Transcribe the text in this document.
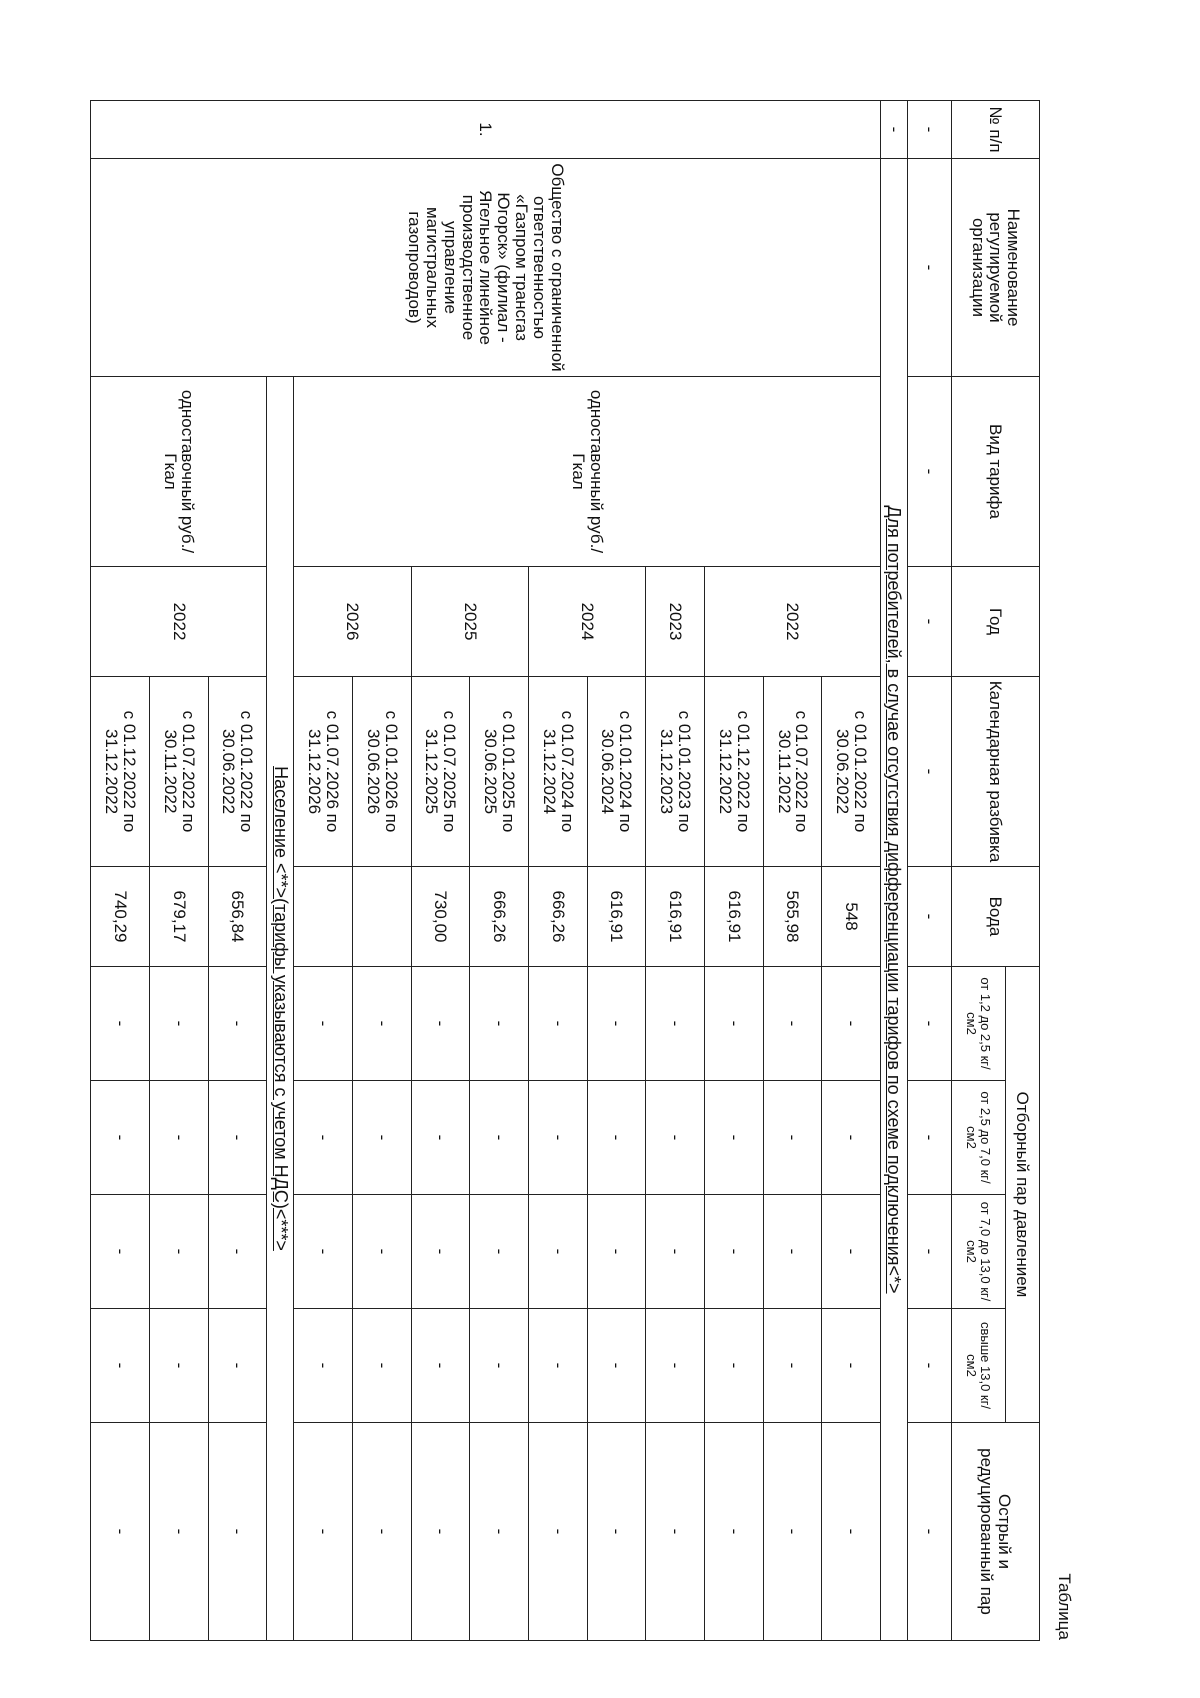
Таблица
№ п/п	Наименование регулируемой организации	Вид тарифа	Год	Календарная разбивка	Вода	Отборный пар давлением				Острый и редуцированный пар
						от 1,2 до 2,5 кг/см2	от 2,5 до 7,0 кг/см2	от 7,0 до 13,0 кг/см2	свыше 13,0 кг/см2	
-	-	-	-	-	-	-	-	-	-	-
-	Для потребителей, в случае отсутствия дифференциации тарифов по схеме подключения<*>									
1.	Общество с ограниченной ответственностью «Газпром трансгаз Югорск» (филиал - Ягельное линейное производственное управление магистральных газопроводов)	одноставочный руб./Гкал	2022	с 01.01.2022 по 30.06.2022	548	-	-	-	-	-
				с 01.07.2022 по 30.11.2022	565,98	-	-	-	-	-
				с 01.12.2022 по 31.12.2022	616,91	-	-	-	-	-
			2023	с 01.01.2023 по 31.12.2023	616,91	-	-	-	-	-
			2024	с 01.01.2024 по 30.06.2024	616,91	-	-	-	-	-
				с 01.07.2024 по 31.12.2024	666,26	-	-	-	-	-
			2025	с 01.01.2025 по 30.06.2025	666,26	-	-	-	-	-
				с 01.07.2025 по 31.12.2025	730,00	-	-	-	-	-
			2026	с 01.01.2026 по 30.06.2026		-	-	-	-	-
				с 01.07.2026 по 31.12.2026		-	-	-	-	-
		Население <**>(тарифы указываются с учетом НДС)<***>								
		одноставочный руб./Гкал	2022	с 01.01.2022 по 30.06.2022	656,84	-	-	-	-	-
				с 01.07.2022 по 30.11.2022	679,17	-	-	-	-	-
				с 01.12.2022 по 31.12.2022	740,29	-	-	-	-	-
